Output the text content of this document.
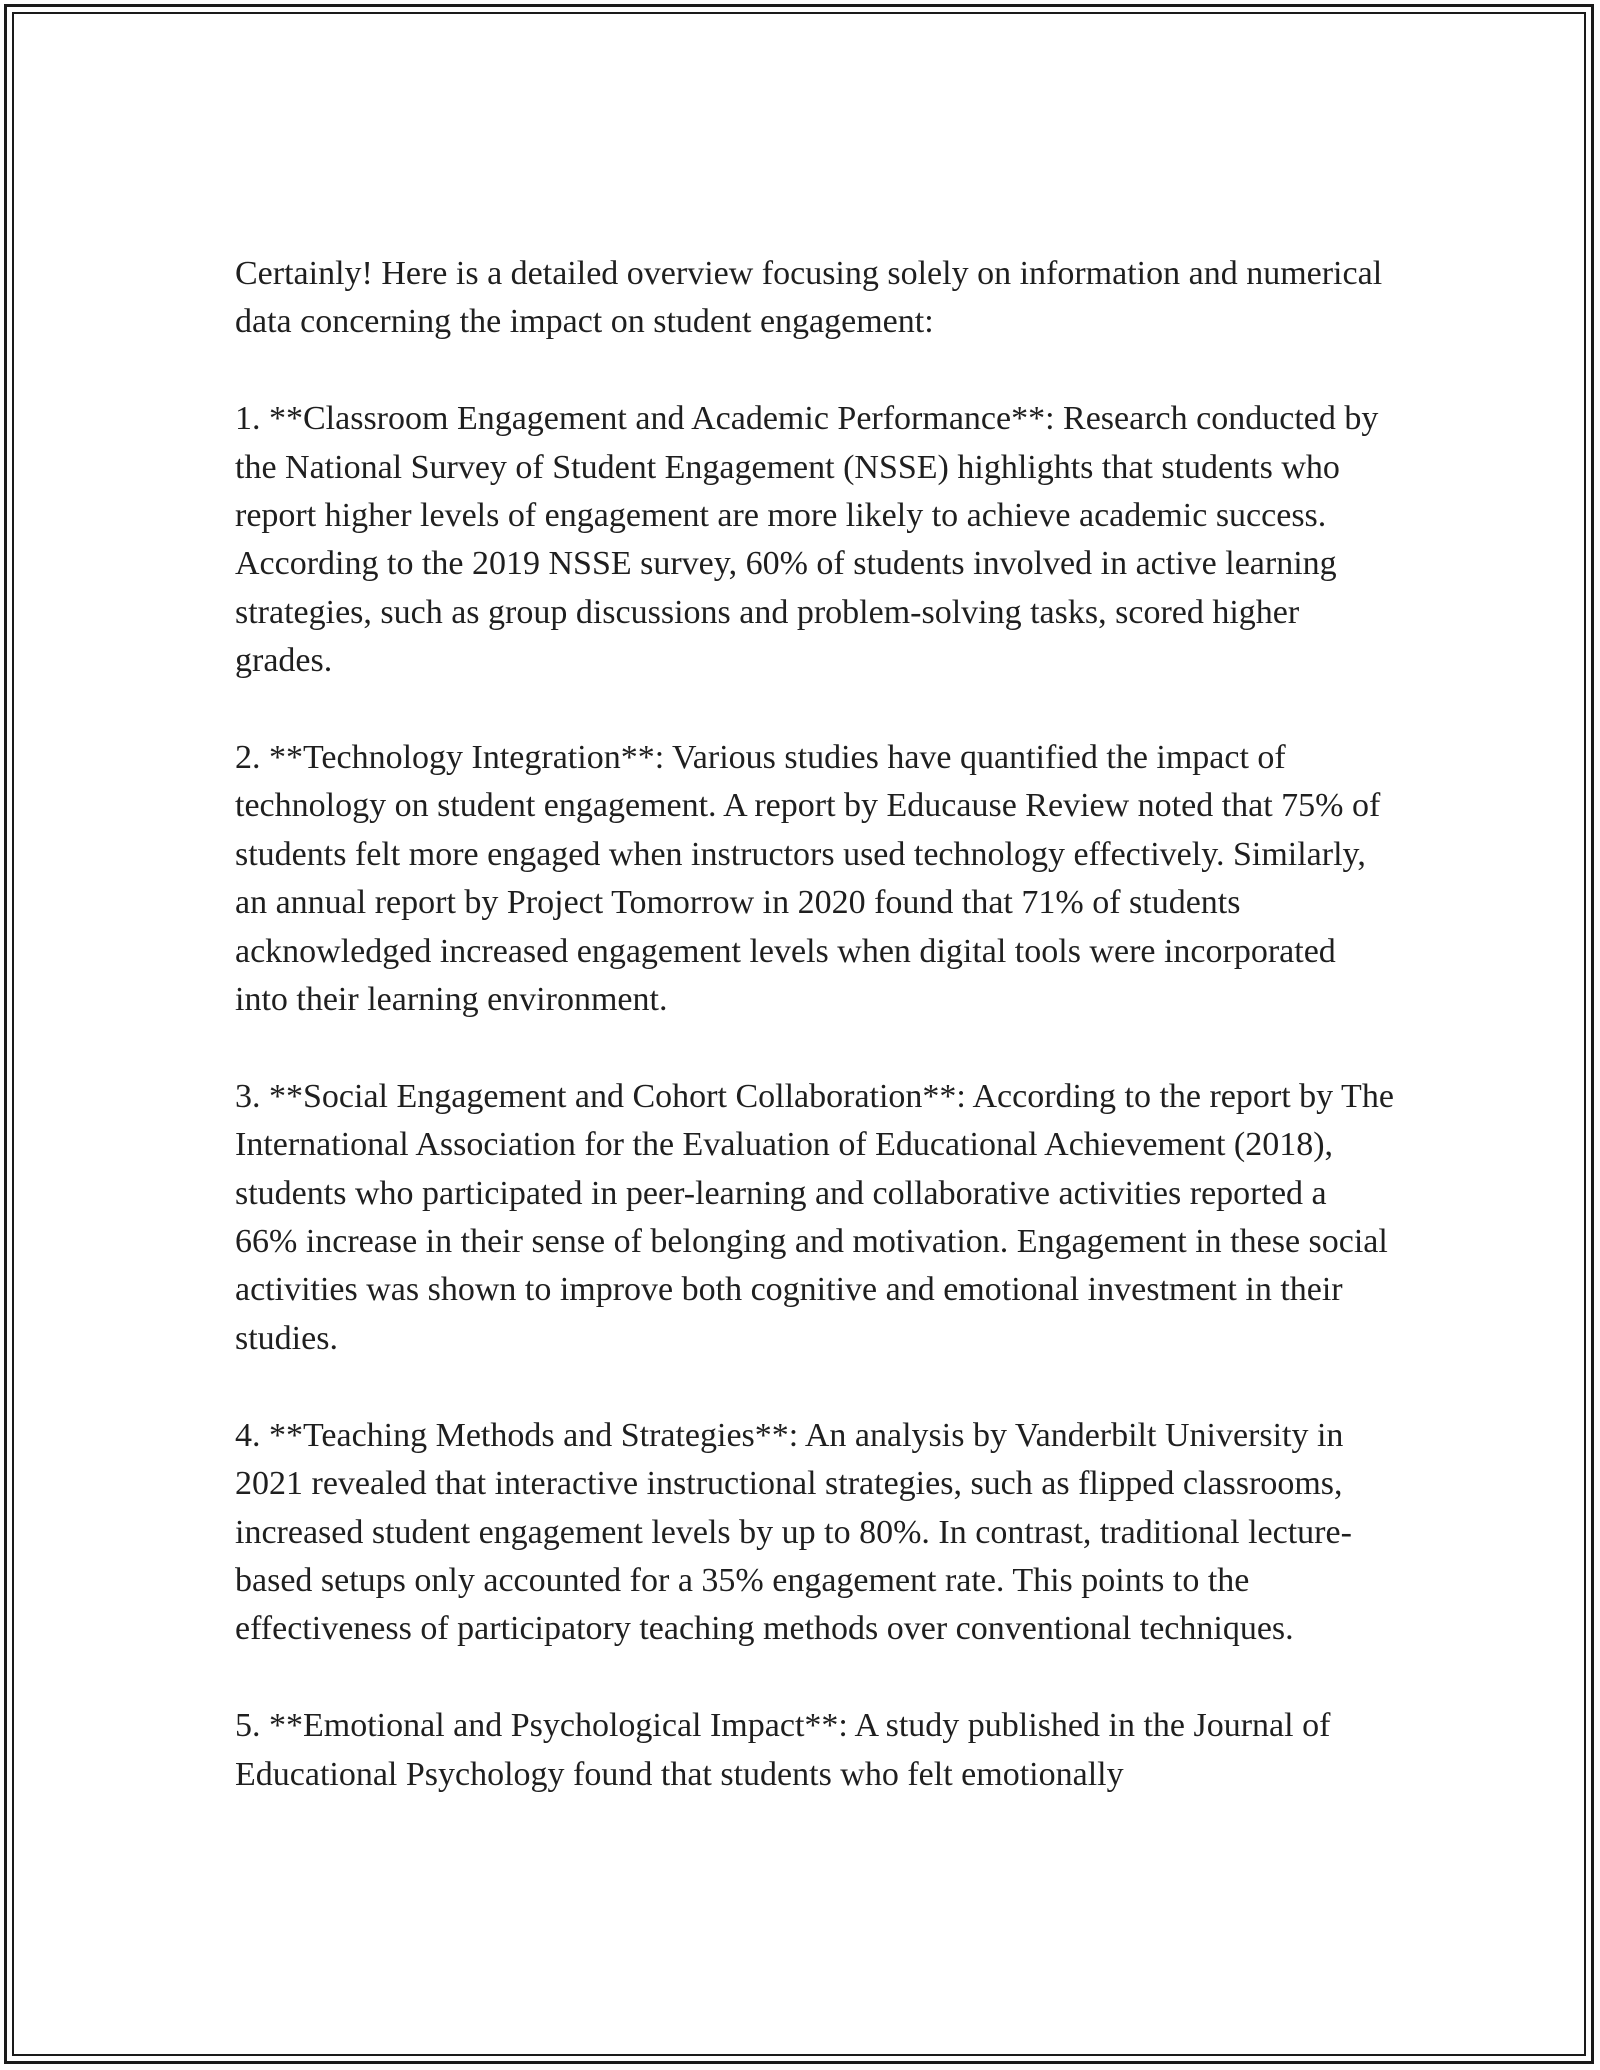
Certainly! Here is a detailed overview focusing solely on information and numerical data concerning the impact on student engagement:

1. **Classroom Engagement and Academic Performance**: Research conducted by the National Survey of Student Engagement (NSSE) highlights that students who report higher levels of engagement are more likely to achieve academic success. According to the 2019 NSSE survey, 60% of students involved in active learning strategies, such as group discussions and problem-solving tasks, scored higher grades.

2. **Technology Integration**: Various studies have quantified the impact of technology on student engagement. A report by Educause Review noted that 75% of students felt more engaged when instructors used technology effectively. Similarly, an annual report by Project Tomorrow in 2020 found that 71% of students acknowledged increased engagement levels when digital tools were incorporated into their learning environment.

3. **Social Engagement and Cohort Collaboration**: According to the report by The International Association for the Evaluation of Educational Achievement (2018), students who participated in peer-learning and collaborative activities reported a 66% increase in their sense of belonging and motivation. Engagement in these social activities was shown to improve both cognitive and emotional investment in their studies.

4. **Teaching Methods and Strategies**: An analysis by Vanderbilt University in 2021 revealed that interactive instructional strategies, such as flipped classrooms, increased student engagement levels by up to 80%. In contrast, traditional lecture-based setups only accounted for a 35% engagement rate. This points to the effectiveness of participatory teaching methods over conventional techniques.

5. **Emotional and Psychological Impact**: A study published in the Journal of Educational Psychology found that students who felt emotionally
